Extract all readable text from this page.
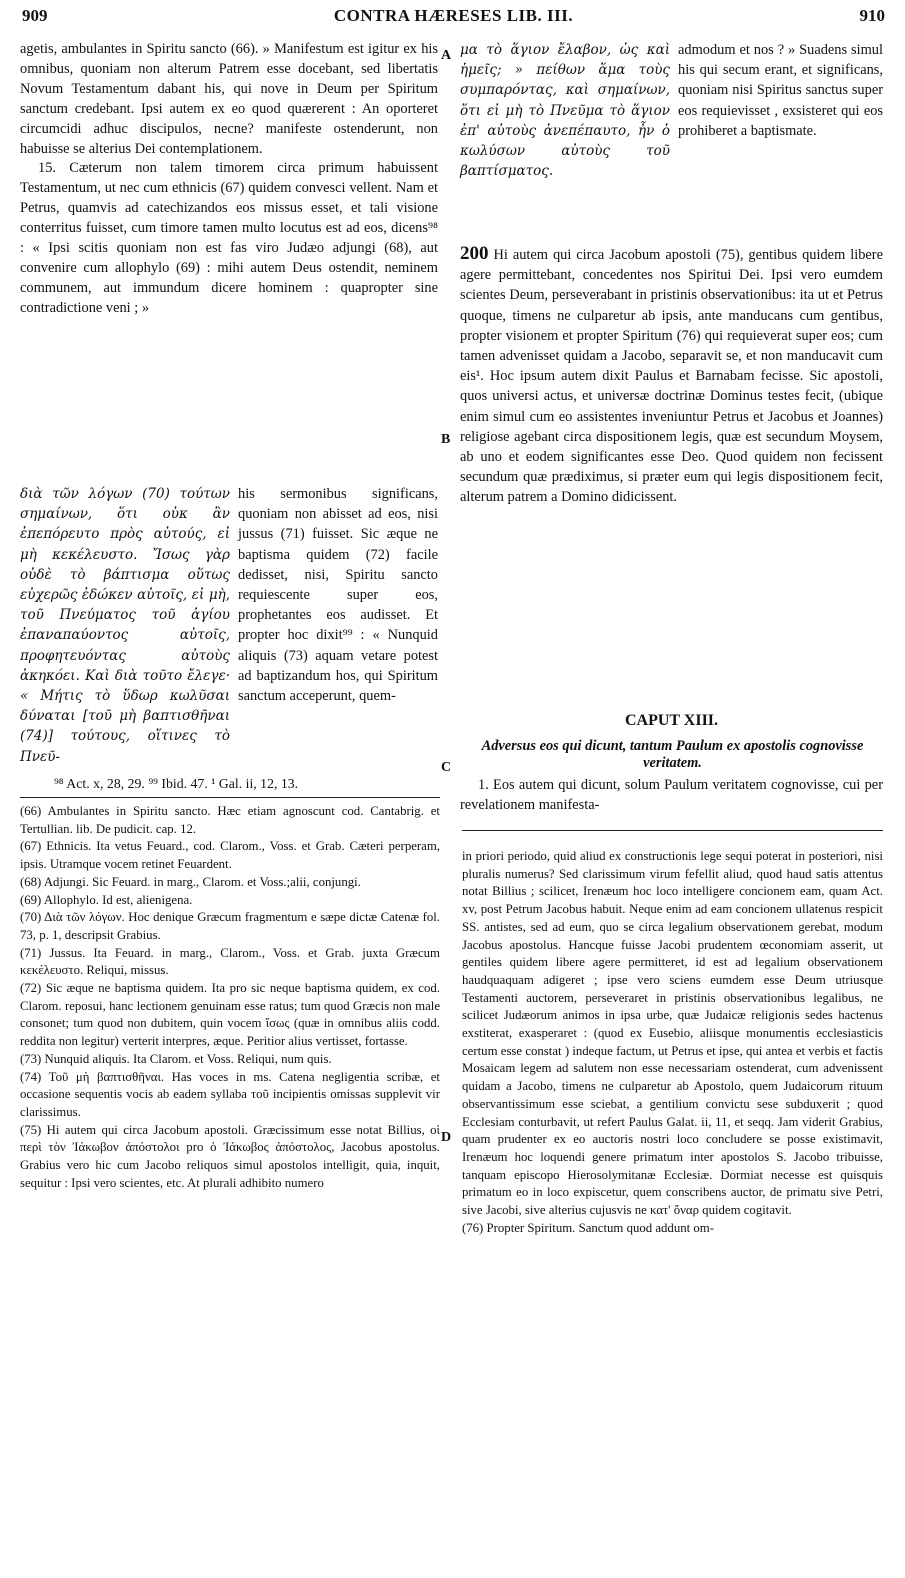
909	CONTRA HÆRESES LIB. III.	910
A
B
C
D

agetis, ambulantes in Spiritu sancto (66). » Manifestum est igitur ex his omnibus, quoniam non alterum Patrem esse docebant, sed libertatis Novum Testamentum dabant his, qui nove in Deum per Spiritum sanctum credebant. Ipsi autem ex eo quod quærerent : An oporteret circumcidi adhuc discipulos, necne? manifeste ostenderunt, non habuisse se alterius Dei contemplationem.

15. Cæterum non talem timorem circa primum habuissent Testamentum, ut nec cum ethnicis (67) quidem convesci vellent. Nam et Petrus, quamvis ad catechizandos eos missus esset, et tali visione conterritus fuisset, cum timore tamen multo locutus est ad eos, dicens⁹⁸ : « Ipsi scitis quoniam non est fas viro Judæo adjungi (68), aut convenire cum allophylo (69) : mihi autem Deus ostendit, neminem communem, aut immundum dicere hominem : quapropter sine contradictione veni ; »

διὰ τῶν λόγων (70) τούτων σημαίνων, ὅτι οὐκ ἂν ἐπεπόρευτο πρὸς αὐτούς, εἰ μὴ κεκέλευστο. Ἴσως γὰρ οὐδὲ τὸ βάπτισμα οὕτως εὐχερῶς ἐδώκεν αὐτοῖς, εἰ μὴ, τοῦ Πνεύματος τοῦ ἁγίου ἐπαναπαύοντος αὐτοῖς, προφητευόντας αὐτοὺς ἀκηκόει. Καὶ διὰ τοῦτο ἔλεγε· « Μήτις τὸ ὕδωρ κωλῦσαι δύναται [τοῦ μὴ βαπτισθῆναι (74)] τούτους, οἵτινες τὸ Πνεῦ-
his sermonibus significans, quoniam non abisset ad eos, nisi jussus (71) fuisset. Sic æque ne baptisma quidem (72) facile dedisset, nisi, Spiritu sancto requiescente super eos, prophetantes eos audisset. Et propter hoc dixit⁹⁹ : « Nunquid aliquis (73) aquam vetare potest ad baptizandum hos, qui Spiritum sanctum acceperunt, quem-
⁹⁸ Act. x, 28, 29. ⁹⁹ Ibid. 47. ¹ Gal. ii, 12, 13.
μα τὸ ἅγιον ἔλαβον, ὡς καὶ ἡμεῖς; » πείθων ἅμα τοὺς συμπαρόντας, καὶ σημαίνων, ὅτι εἰ μὴ τὸ Πνεῦμα τὸ ἅγιον ἐπ' αὐτοὺς ἀνεπέπαυτο, ἦν ὁ κωλύσων αὐτοὺς τοῦ βαπτίσματος.
admodum et nos ? » Suadens simul his qui secum erant, et significans, quoniam nisi Spiritus sanctus super eos requievisset , exsisteret qui eos prohiberet a baptismate.
200 Hi autem qui circa Jacobum apostoli (75), gentibus quidem libere agere permittebant, concedentes nos Spiritui Dei. Ipsi vero eumdem scientes Deum, perseverabant in pristinis observationibus: ita ut et Petrus quoque, timens ne culparetur ab ipsis, ante manducans cum gentibus, propter visionem et propter Spiritum (76) qui requieverat super eos; cum tamen advenisset quidam a Jacobo, separavit se, et non manducavit cum eis¹. Hoc ipsum autem dixit Paulus et Barnabam fecisse. Sic apostoli, quos universi actus, et universæ doctrinæ Dominus testes fecit, (ubique enim simul cum eo assistentes inveniuntur Petrus et Jacobus et Joannes) religiose agebant circa dispositionem legis, quæ est secundum Moysem, ab uno et eodem significantes esse Deo. Quod quidem non fecissent secundum quæ prædiximus, si præter eum qui legis dispositionem fecit, alterum patrem a Domino didicissent.
CAPUT XIII.
Adversus eos qui dicunt, tantum Paulum ex apostolis cognovisse veritatem.
1. Eos autem qui dicunt, solum Paulum veritatem cognovisse, cui per revelationem manifesta-

(66) Ambulantes in Spiritu sancto. Hæc etiam agnoscunt cod. Cantabrig. et Tertullian. lib. De pudicit. cap. 12.

(67) Ethnicis. Ita vetus Feuard., cod. Clarom., Voss. et Grab. Cæteri perperam, ipsis. Utramque vocem retinet Feuardent.

(68) Adjungi. Sic Feuard. in marg., Clarom. et Voss.;alii, conjungi.

(69) Allophylo. Id est, alienigena.

(70) Διὰ τῶν λόγων. Hoc denique Græcum fragmentum e sæpe dictæ Catenæ fol. 73, p. 1, descripsit Grabius.

(71) Jussus. Ita Feuard. in marg., Clarom., Voss. et Grab. juxta Græcum κεκέλευστο. Reliqui, missus.

(72) Sic æque ne baptisma quidem. Ita pro sic neque baptisma quidem, ex cod. Clarom. reposui, hanc lectionem genuinam esse ratus; tum quod Græcis non male consonet; tum quod non dubitem, quin vocem ἴσως (quæ in omnibus aliis codd. reddita non legitur) verterit interpres, æque. Peritior alius vertisset, fortasse.

(73) Nunquid aliquis. Ita Clarom. et Voss. Reliqui, num quis.

(74) Τοῦ μὴ βαπτισθῆναι. Has voces in ms. Catena negligentia scribæ, et occasione sequentis vocis ab eadem syllaba τοῦ incipientis omissas supplevit vir clarissimus.

(75) Hi autem qui circa Jacobum apostoli. Græcissimum esse notat Billius, οἱ περὶ τὸν Ἰάκωβον ἀπόστολοι pro ὁ Ἰάκωβος ἀπόστολος, Jacobus apostolus. Grabius vero hic cum Jacobo reliquos simul apostolos intelligit, quia, inquit, sequitur : Ipsi vero scientes, etc. At plurali adhibito numero

in priori periodo, quid aliud ex constructionis lege sequi poterat in posteriori, nisi pluralis numerus? Sed clarissimum virum fefellit aliud, quod haud satis attentus notat Billius ; scilicet, Irenæum hoc loco intelligere concionem eam, quam Act. xv, post Petrum Jacobus habuit. Neque enim ad eam concionem ullatenus respicit SS. antistes, sed ad eum, quo se circa legalium observationem gerebat, modum Jacobus apostolus. Hancque fuisse Jacobi prudentem œconomiam asserit, ut gentiles quidem libere agere permitteret, id est ad legalium observationem haudquaquam adigeret ; ipse vero sciens eumdem esse Deum utriusque Testamenti auctorem, perseveraret in pristinis observationibus legalibus, ne scilicet Judæorum animos in ipsa urbe, quæ Judaicæ religionis sedes hactenus exstiterat, exasperaret : (quod ex Eusebio, aliisque monumentis ecclesiasticis certum esse constat ) indeque factum, ut Petrus et ipse, qui antea et verbis et factis Mosaicam legem ad salutem non esse necessariam ostenderat, cum advenissent quidam a Jacobo, timens ne culparetur ab Apostolo, quem Judaicorum rituum observantissimum esse sciebat, a gentilium convictu sese subduxerit ; quod Ecclesiam conturbavit, ut refert Paulus Galat. ii, 11, et seqq. Jam viderit Grabius, quam prudenter ex eo auctoris nostri loco concludere se posse existimavit, Irenæum hoc loquendi genere primatum inter apostolos S. Jacobo tribuisse, tanquam episcopo Hierosolymitanæ Ecclesiæ. Dormiat necesse est quisquis primatum eo in loco expiscetur, quem conscribens auctor, de primatu sive Petri, sive Jacobi, sive alterius cujusvis ne κατ' ὄναρ quidem cogitavit.

(76) Propter Spiritum. Sanctum quod addunt om-
